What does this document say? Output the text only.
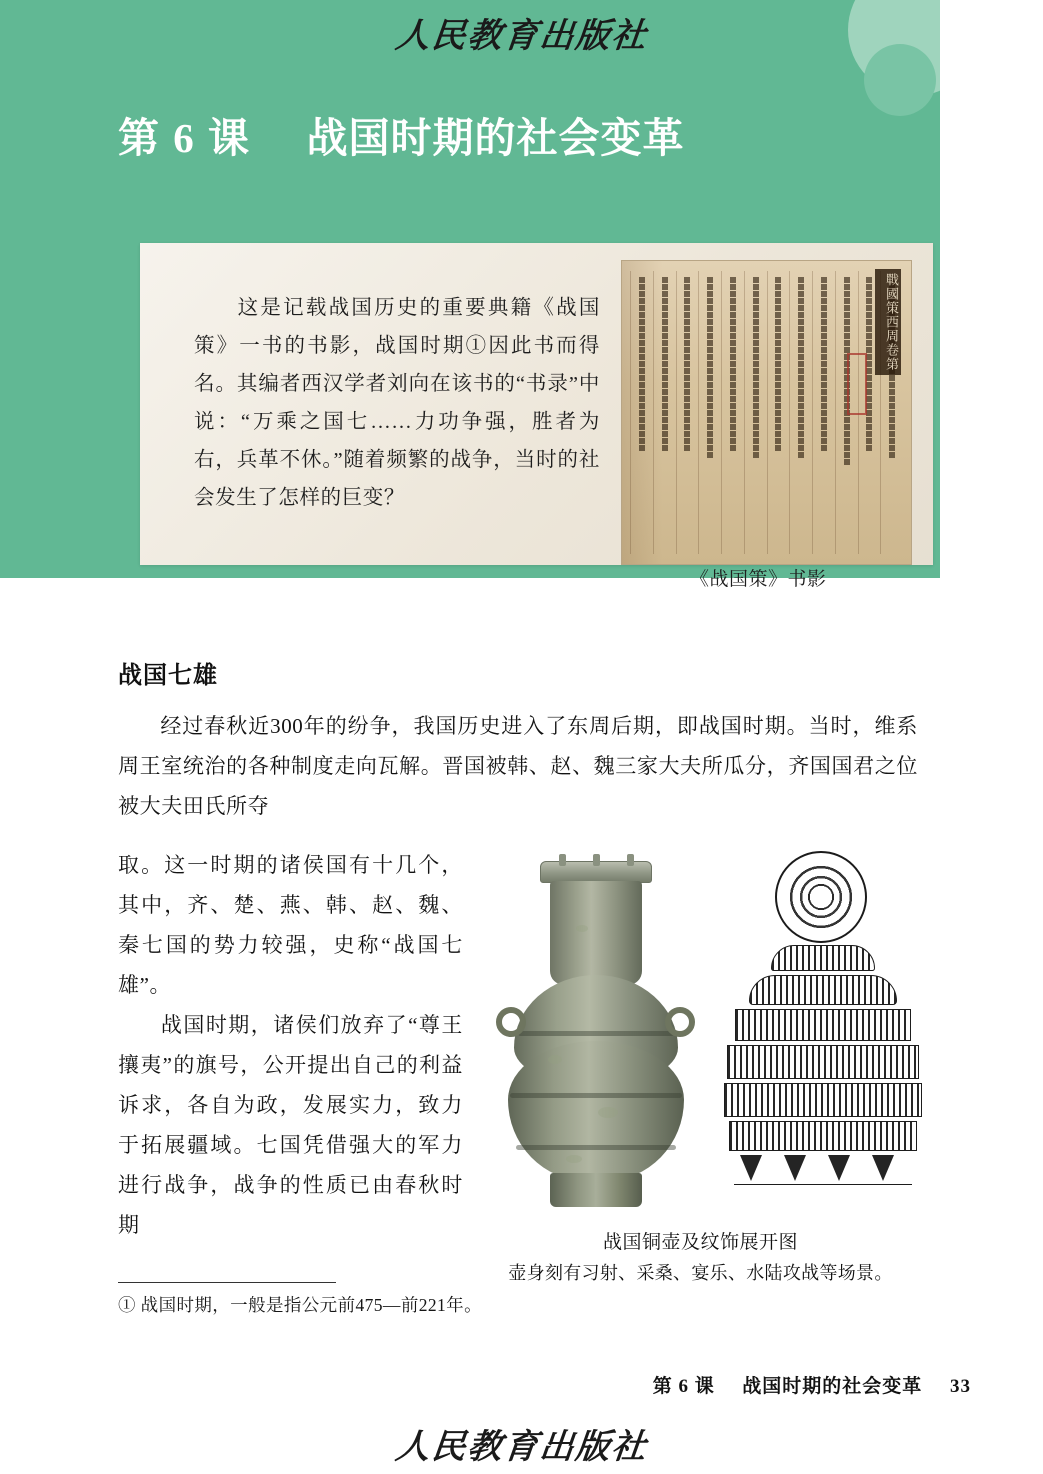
人民教育出版社
第 6 课 战国时期的社会变革
这是记载战国历史的重要典籍《战国策》一书的书影，战国时期①因此书而得名。其编者西汉学者刘向在该书的“书录”中说：“万乘之国七……力功争强，胜者为右，兵革不休。”随着频繁的战争，当时的社会发生了怎样的巨变？
戰國策西周卷第
《战国策》书影
战国七雄

经过春秋近300年的纷争，我国历史进入了东周后期，即战国时期。当时，维系周王室统治的各种制度走向瓦解。晋国被韩、赵、魏三家大夫所瓜分，齐国国君之位被大夫田氏所夺

取。这一时期的诸侯国有十几个，其中，齐、楚、燕、韩、赵、魏、秦七国的势力较强，史称“战国七雄”。

战国时期，诸侯们放弃了“尊王攘夷”的旗号，公开提出自己的利益诉求，各自为政，发展实力，致力于拓展疆域。七国凭借强大的军力进行战争，战争的性质已由春秋时期

战国铜壶及纹饰展开图
壶身刻有习射、采桑、宴乐、水陆攻战等场景。
① 战国时期，一般是指公元前475—前221年。
第 6 课 战国时期的社会变革 33
人民教育出版社
